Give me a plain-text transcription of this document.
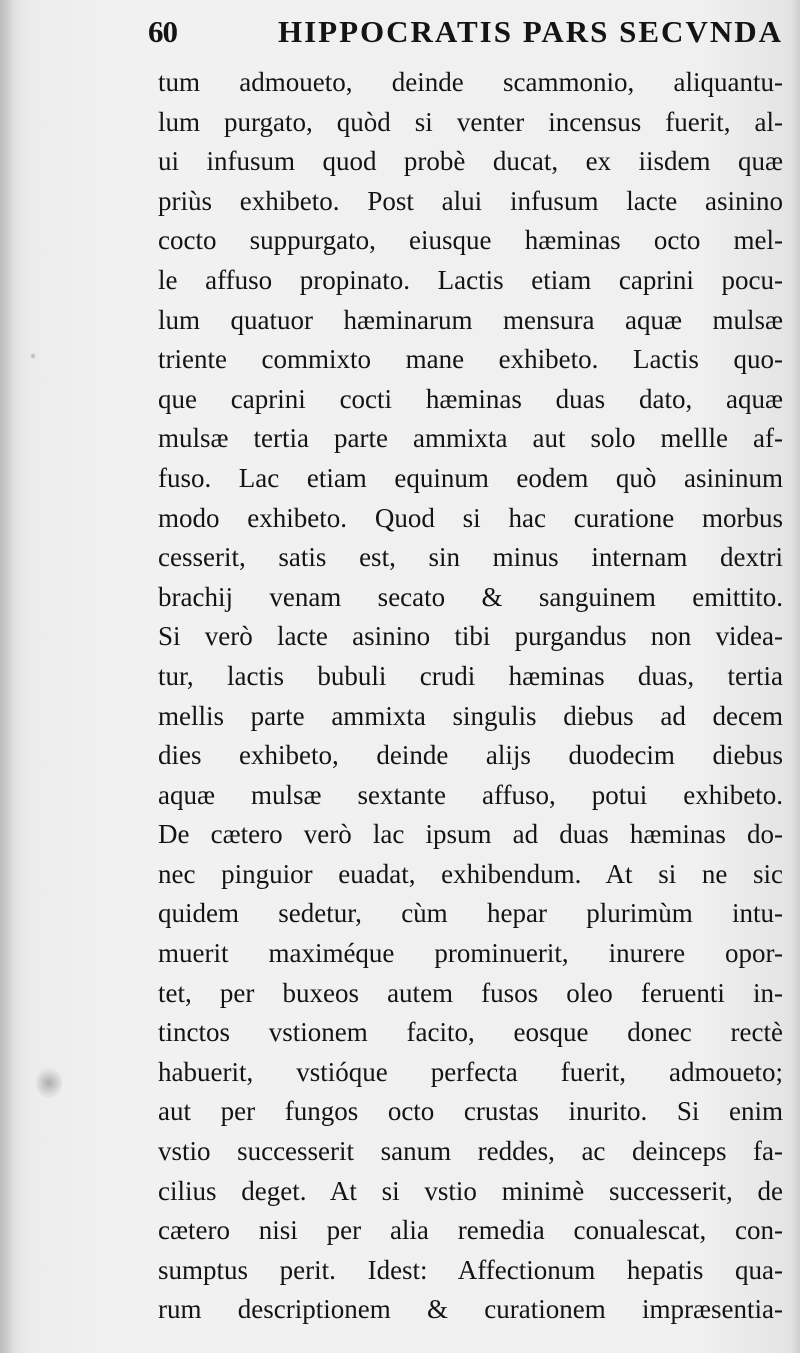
60	HIPPOCRATIS PARS SECVNDA
tum admoueto, deinde scammonio, aliquantu-
lum purgato, quòd si venter incensus fuerit, al-
ui infusum quod probè ducat, ex iisdem quæ
priùs exhibeto. Post alui infusum lacte asinino
cocto suppurgato, eiusque hæminas octo mel-
le affuso propinato. Lactis etiam caprini pocu-
lum quatuor hæminarum mensura aquæ mulsæ
triente commixto mane exhibeto. Lactis quo-
que caprini cocti hæminas duas dato, aquæ
mulsæ tertia parte ammixta aut solo mellle af-
fuso. Lac etiam equinum eodem quò asininum
modo exhibeto. Quod si hac curatione morbus
cesserit, satis est, sin minus internam dextri
brachij venam secato & sanguinem emittito.
Si verò lacte asinino tibi purgandus non videa-
tur, lactis bubuli crudi hæminas duas, tertia
mellis parte ammixta singulis diebus ad decem
dies exhibeto, deinde alijs duodecim diebus
aquæ mulsæ sextante affuso, potui exhibeto.
De cætero verò lac ipsum ad duas hæminas do-
nec pinguior euadat, exhibendum. At si ne sic
quidem sedetur, cùm hepar plurimùm intu-
muerit maximéque prominuerit, inurere opor-
tet, per buxeos autem fusos oleo feruenti in-
tinctos vstionem facito, eosque donec rectè
habuerit, vstióque perfecta fuerit, admoueto;
aut per fungos octo crustas inurito. Si enim
vstio successerit sanum reddes, ac deinceps fa-
cilius deget. At si vstio minimè successerit, de
cætero nisi per alia remedia conualescat, con-
sumptus perit. Idest: Affectionum hepatis qua-
rum descriptionem & curationem impræsentia-
